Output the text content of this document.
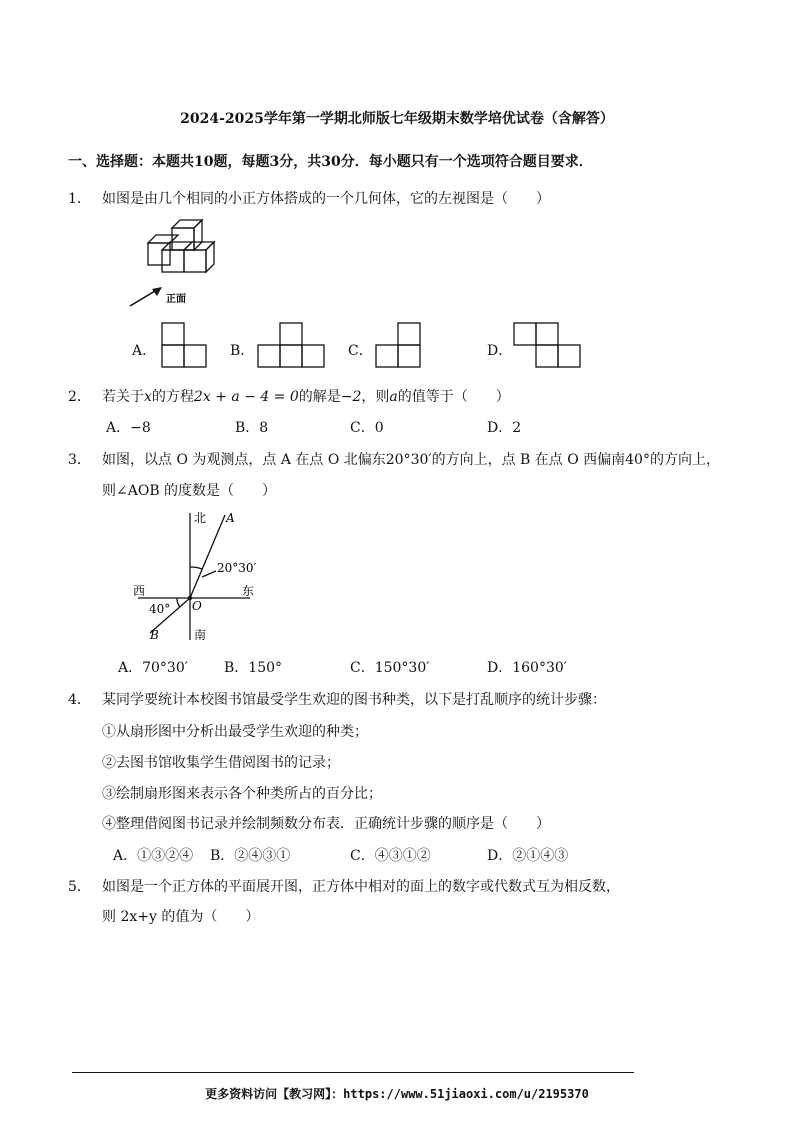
2024-2025学年第一学期北师版七年级期末数学培优试卷（含解答）
一、选择题：本题共10题，每题3分，共30分．每小题只有一个选项符合题目要求．
1． 如图是由几个相同的小正方体搭成的一个几何体，它的左视图是（　　）
正面
A．	B．	C．	D．
2． 若关于x的方程2x + a − 4 = 0的解是−2，则a的值等于（　　）
A．−8	B．8	C．0	D．2
3． 如图，以点 O 为观测点，点 A 在点 O 北偏东20°30′的方向上，点 B 在点 O 西偏南40°的方向上，
则∠AOB 的度数是（　　）
北 A
20°30′
西	东
40° O
B	南
A．70°30′	B．150°	C．150°30′	D．160°30′
4． 某同学要统计本校图书馆最受学生欢迎的图书种类，以下是打乱顺序的统计步骤：
①从扇形图中分析出最受学生欢迎的种类；
②去图书馆收集学生借阅图书的记录；
③绘制扇形图来表示各个种类所占的百分比；
④整理借阅图书记录并绘制频数分布表．正确统计步骤的顺序是（　　）
A．①③②④ B．②④③①	C．④③①②	D．②①④③
5． 如图是一个正方体的平面展开图，正方体中相对的面上的数字或代数式互为相反数，
则 2x+y 的值为（　　）
更多资料访问【教习网】：https://www.51jiaoxi.com/u/2195370
